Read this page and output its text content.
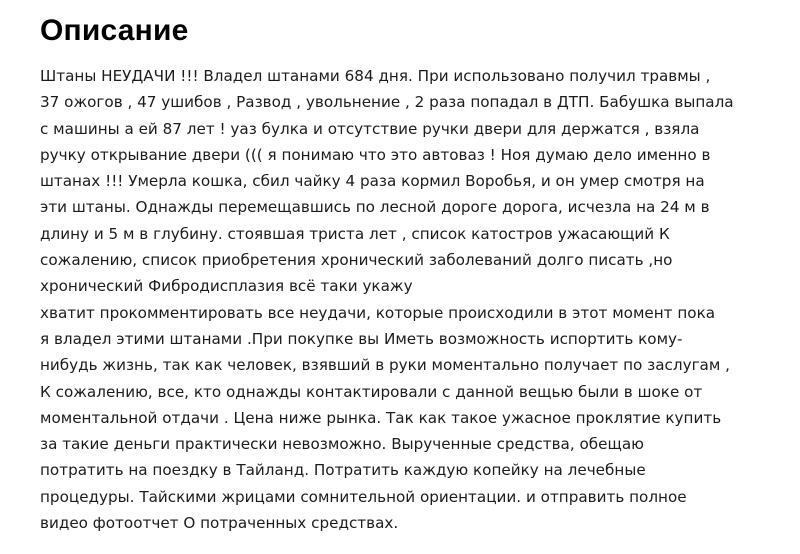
Описание

Штаны НЕУДАЧИ !!! Владел штанами 684 дня. При использовано получил травмы ,

37 ожогов , 47 ушибов , Развод , увольнение , 2 раза попадал в ДТП. Бабушка выпала

с машины а ей 87 лет ! уаз булка и отсутствие ручки двери для держатся , взяла

ручку открывание двери ((( я понимаю что это автоваз ! Ноя думаю дело именно в

штанах !!! Умерла кошка, сбил чайку 4 раза кормил Воробья, и он умер смотря на

эти штаны. Однажды перемещавшись по лесной дороге дорога, исчезла на 24 м в

длину и 5 м в глубину. стоявшая триста лет , список катостров ужасающий К

сожалению, список приобретения хронический заболеваний долго писать ,но

хронический Фибродисплазия всё таки укажу

хватит прокомментировать все неудачи, которые происходили в этот момент пока

я владел этими штанами .При покупке вы Иметь возможность испортить кому-

нибудь жизнь, так как человек, взявший в руки моментально получает по заслугам ,

К сожалению, все, кто однажды контактировали с данной вещью были в шоке от

моментальной отдачи . Цена ниже рынка. Так как такое ужасное проклятие купить

за такие деньги практически невозможно. Вырученные средства, обещаю

потратить на поездку в Тайланд. Потратить каждую копейку на лечебные

процедуры. Тайскими жрицами сомнительной ориентации. и отправить полное

видео фотоотчет О потраченных средствах.
